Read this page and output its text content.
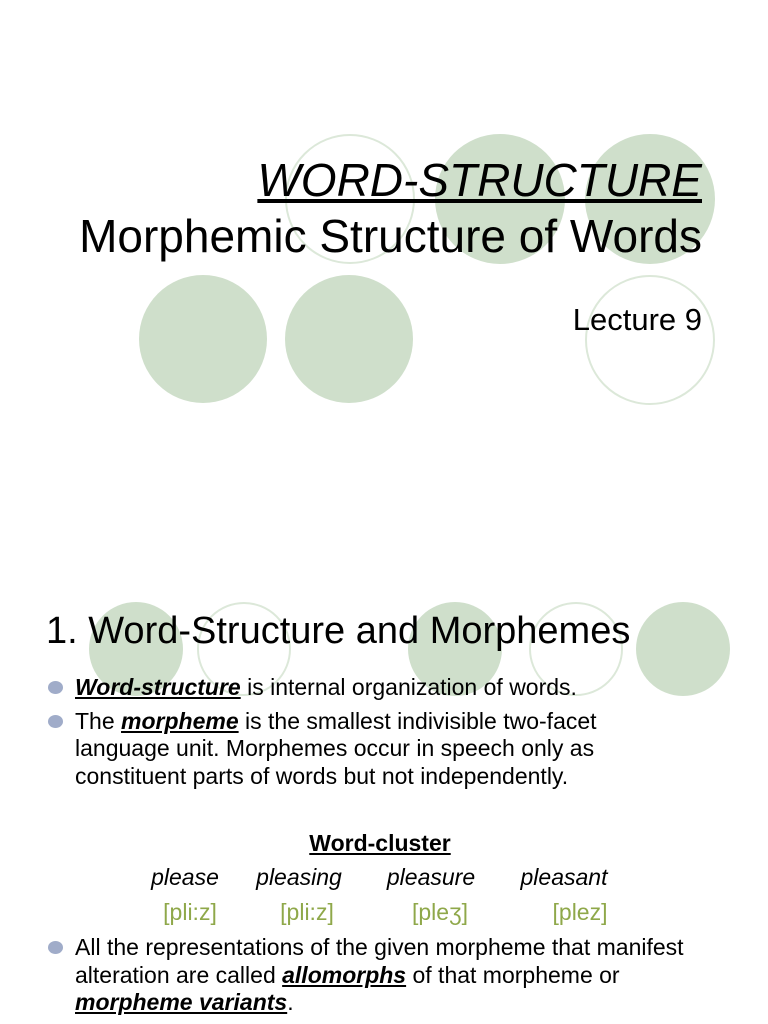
WORD-STRUCTURE
Morphemic Structure of Words
Lecture 9
1. Word-Structure and Morphemes
Word-structure is internal organization of words.
The morpheme is the smallest indivisible two-facet language unit. Morphemes occur in speech only as constituent parts of words but not independently.
Word-cluster
please pleasing pleasure pleasant
[pli:z]	[pli:z]	[pleʒ]	[plez]
All the representations of the given morpheme that manifest alteration are called allomorphs of that morpheme or morpheme variants.
